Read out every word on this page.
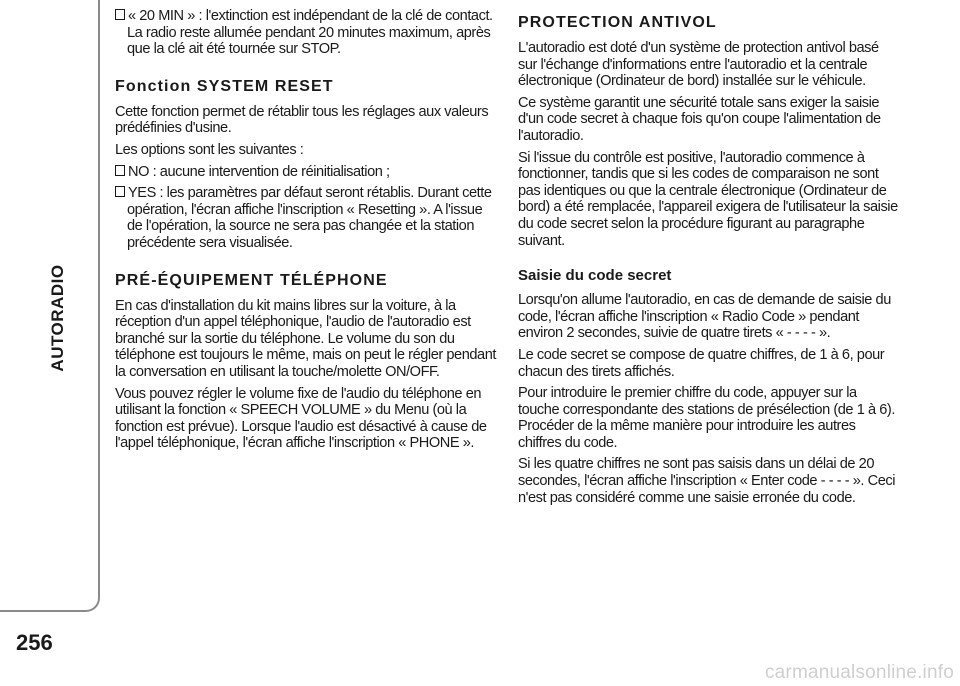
AUTORADIO
256
« 20 MIN » : l'extinction est indépendant de la clé de contact. La radio reste allumée pendant 20 minutes maximum, après que la clé ait été tournée sur STOP.
Fonction SYSTEM RESET

Cette fonction permet de rétablir tous les réglages aux valeurs prédéfinies d'usine.

Les options sont les suivantes :

NO : aucune intervention de réinitialisation ;
YES : les paramètres par défaut seront rétablis. Durant cette opération, l'écran affiche l'inscription « Resetting ». A l'issue de l'opération, la source ne sera pas changée et la station précédente sera visualisée.
PRÉ-ÉQUIPEMENT TÉLÉPHONE

En cas d'installation du kit mains libres sur la voiture, à la réception d'un appel téléphonique, l'audio de l'autoradio est branché sur la sortie du téléphone. Le volume du son du téléphone est toujours le même, mais on peut le régler pendant la conversation en utilisant la touche/molette ON/OFF.

Vous pouvez régler le volume fixe de l'audio du téléphone en utilisant la fonction « SPEECH VOLUME » du Menu (où la fonction est prévue). Lorsque l'audio est désactivé à cause de l'appel téléphonique, l'écran affiche l'inscription « PHONE ».

PROTECTION ANTIVOL

L'autoradio est doté d'un système de protection antivol basé sur l'échange d'informations entre l'autoradio et la centrale électronique (Ordinateur de bord) installée sur le véhicule.

Ce système garantit une sécurité totale sans exiger la saisie d'un code secret à chaque fois qu'on coupe l'alimentation de l'autoradio.

Si l'issue du contrôle est positive, l'autoradio commence à fonctionner, tandis que si les codes de comparaison ne sont pas identiques ou que la centrale électronique (Ordinateur de bord) a été remplacée, l'appareil exigera de l'utilisateur la saisie du code secret selon la procédure figurant au paragraphe suivant.

Saisie du code secret

Lorsqu'on allume l'autoradio, en cas de demande de saisie du code, l'écran affiche l'inscription « Radio Code » pendant environ 2 secondes, suivie de quatre tirets « - - - - ».

Le code secret se compose de quatre chiffres, de 1 à 6, pour chacun des tirets affichés.

Pour introduire le premier chiffre du code, appuyer sur la touche correspondante des stations de présélection (de 1 à 6). Procéder de la même manière pour introduire les autres chiffres du code.

Si les quatre chiffres ne sont pas saisis dans un délai de 20 secondes, l'écran affiche l'inscription « Enter code - - - - ». Ceci n'est pas considéré comme une saisie erronée du code.

carmanualsonline.info
